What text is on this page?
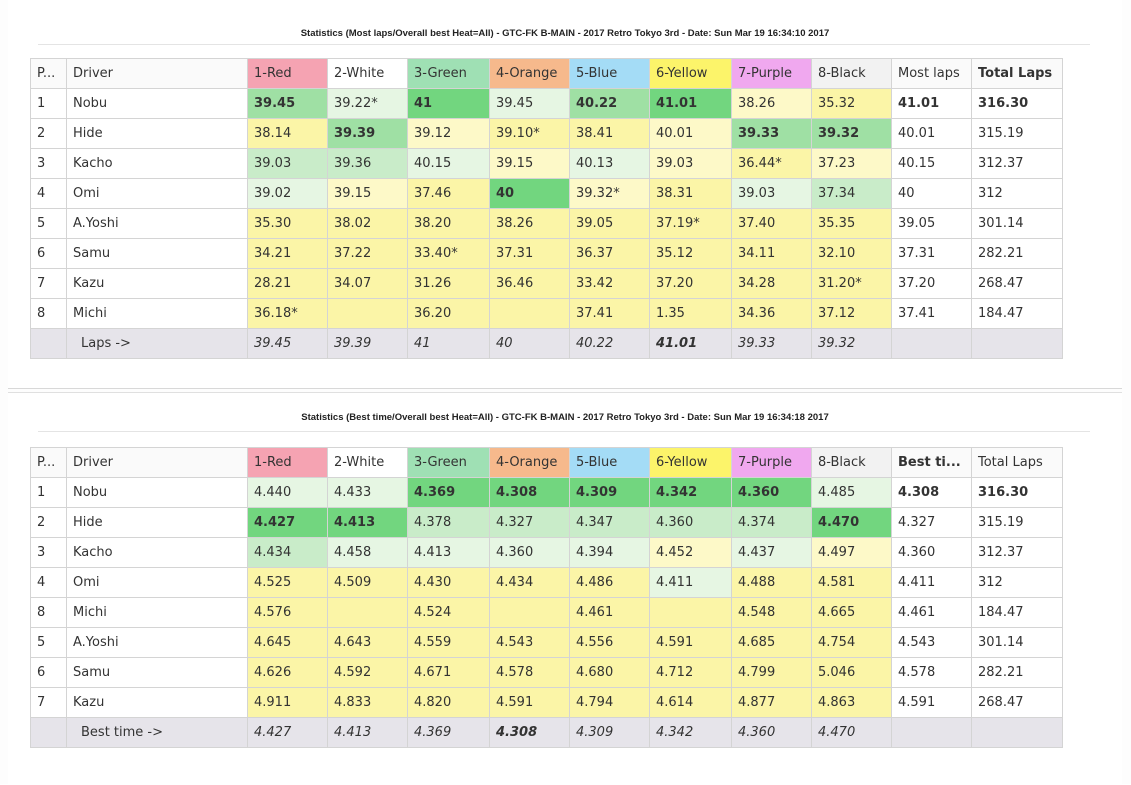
Statistics (Most laps/Overall best Heat=All) - GTC-FK B-MAIN - 2017 Retro Tokyo 3rd - Date: Sun Mar 19 16:34:10 2017
P...	Driver	1-Red	2-White	3-Green	4-Orange	5-Blue	6-Yellow	7-Purple	8-Black	Most laps	Total Laps
1	Nobu	39.45	39.22*	41	39.45	40.22	41.01	38.26	35.32	41.01	316.30
2	Hide	38.14	39.39	39.12	39.10*	38.41	40.01	39.33	39.32	40.01	315.19
3	Kacho	39.03	39.36	40.15	39.15	40.13	39.03	36.44*	37.23	40.15	312.37
4	Omi	39.02	39.15	37.46	40	39.32*	38.31	39.03	37.34	40	312
5	A.Yoshi	35.30	38.02	38.20	38.26	39.05	37.19*	37.40	35.35	39.05	301.14
6	Samu	34.21	37.22	33.40*	37.31	36.37	35.12	34.11	32.10	37.31	282.21
7	Kazu	28.21	34.07	31.26	36.46	33.42	37.20	34.28	31.20*	37.20	268.47
8	Michi	36.18*		36.20		37.41	1.35	34.36	37.12	37.41	184.47
	Laps ->	39.45	39.39	41	40	40.22	41.01	39.33	39.32		
Statistics (Best time/Overall best Heat=All) - GTC-FK B-MAIN - 2017 Retro Tokyo 3rd - Date: Sun Mar 19 16:34:18 2017
P...	Driver	1-Red	2-White	3-Green	4-Orange	5-Blue	6-Yellow	7-Purple	8-Black	Best ti...	Total Laps
1	Nobu	4.440	4.433	4.369	4.308	4.309	4.342	4.360	4.485	4.308	316.30
2	Hide	4.427	4.413	4.378	4.327	4.347	4.360	4.374	4.470	4.327	315.19
3	Kacho	4.434	4.458	4.413	4.360	4.394	4.452	4.437	4.497	4.360	312.37
4	Omi	4.525	4.509	4.430	4.434	4.486	4.411	4.488	4.581	4.411	312
8	Michi	4.576		4.524		4.461		4.548	4.665	4.461	184.47
5	A.Yoshi	4.645	4.643	4.559	4.543	4.556	4.591	4.685	4.754	4.543	301.14
6	Samu	4.626	4.592	4.671	4.578	4.680	4.712	4.799	5.046	4.578	282.21
7	Kazu	4.911	4.833	4.820	4.591	4.794	4.614	4.877	4.863	4.591	268.47
	Best time ->	4.427	4.413	4.369	4.308	4.309	4.342	4.360	4.470		
